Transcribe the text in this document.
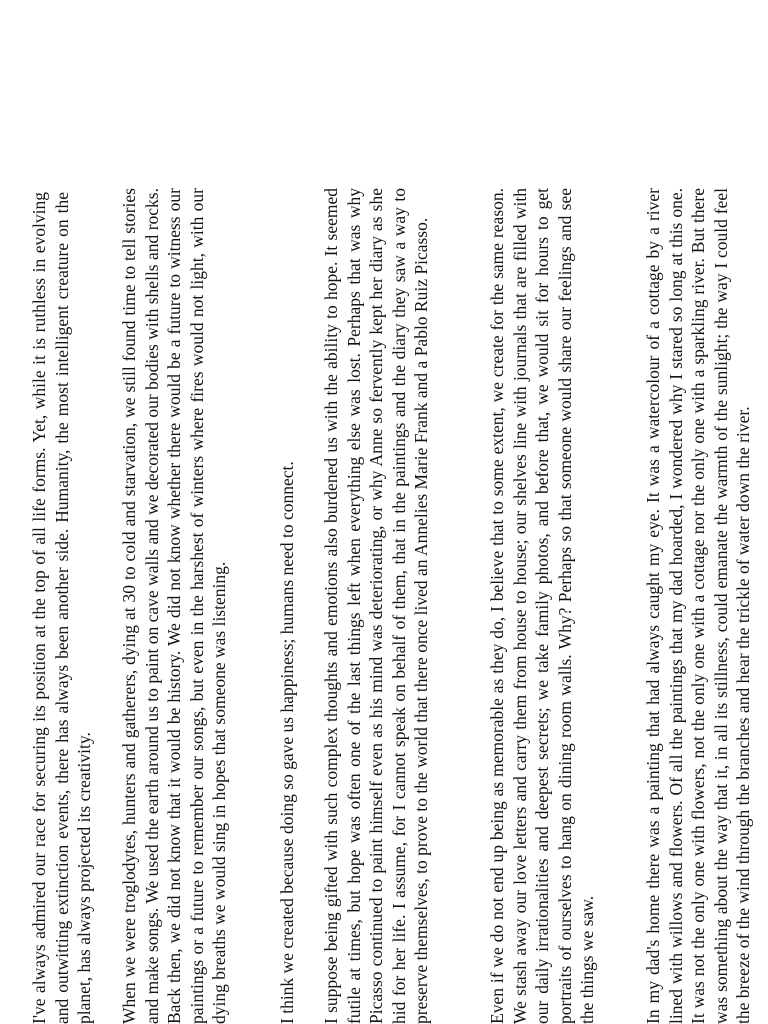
I've always admired our race for securing its position at the top of all life forms. Yet, while it is ruthless in evolving and outwitting extinction events, there has always been another side. Humanity, the most intelligent creature on the planet, has always projected its creativity. When we were troglodytes, hunters and gatherers, dying at 30 to cold and starvation, we still found time to tell stories and make songs. We used the earth around us to paint on cave walls and we decorated our bodies with shells and rocks. Back then, we did not know that it would be history. We did not know whether there would be a future to witness our paintings or a future to remember our songs, but even in the harshest of winters where fires would not light, with our dying breaths we would sing in hopes that someone was listening.	I think we created because doing so gave us happiness; humans need to connect. I suppose being gifted with such complex thoughts and emotions also burdened us with the ability to hope. It seemed futile at times, but hope was often one of the last things left when everything else was lost. Perhaps that was why Picasso continued to paint himself even as his mind was deteriorating, or why Anne so fervently kept her diary as she hid for her life. I assume, for I cannot speak on behalf of them, that in the paintings and the diary they saw a way to preserve themselves, to prove to the world that there once lived an Annelies Marie Frank and a Pablo Ruiz Picasso.	Even if we do not end up being as memorable as they do, I believe that to some extent, we create for the same reason. We stash away our love letters and carry them from house to house; our shelves line with journals that are filled with our daily irrationalities and deepest secrets; we take family photos, and before that, we would sit for hours to get portraits of ourselves to hang on dining room walls. Why? Perhaps so that someone would share our feelings and see the things we saw.	In my dad's home there was a painting that had always caught my eye. It was a watercolour of a cottage by a river lined with willows and flowers. Of all the paintings that my dad hoarded, I wondered why I stared so long at this one. It was not the only one with flowers, not the only one with a cottage nor the only one with a sparkling river. But there was something about the way that it, in all its stillness, could emanate the warmth of the sunlight; the way I could feel the breeze of the wind through the branches and hear the trickle of water down the river.
